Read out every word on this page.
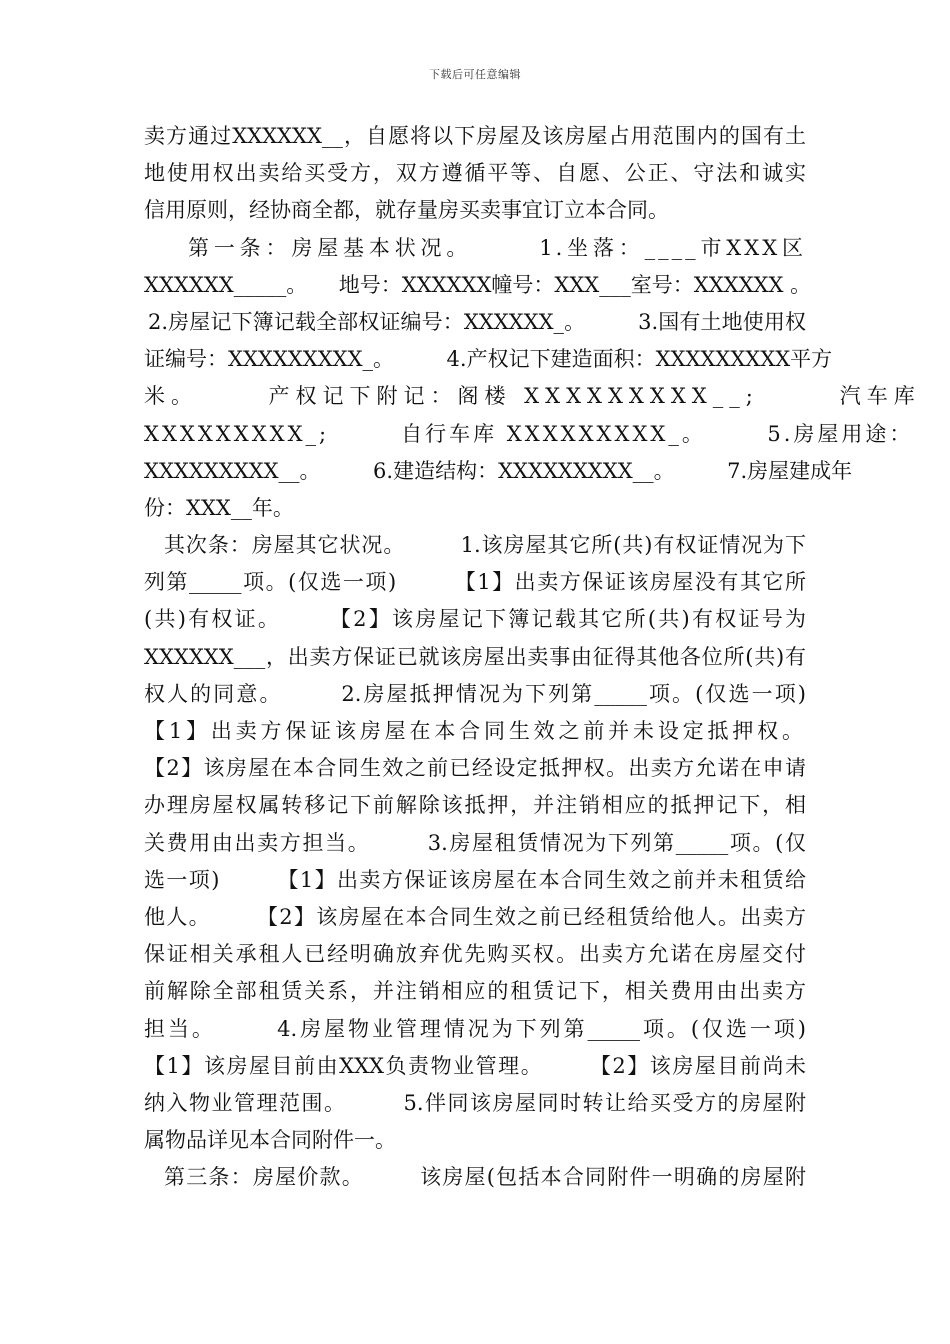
下载后可任意编辑
卖方通过XXXXXX__，自愿将以下房屋及该房屋占用范围内的国有土
地使用权出卖给买受方，双方遵循平等、自愿、公正、守法和诚实
信用原则，经协商全都，就存量房买卖事宜订立本合同。
第一条：房屋基本状况。　　　1.坐落：____市XXX区
XXXXXX_____。　　地号：XXXXXX幢号：XXX___室号：XXXXXX 。
2.房屋记下簿记载全部权证编号：XXXXXX_。　　　3.国有土地使用权
证编号：XXXXXXXXX_。　　　4.产权记下建造面积：XXXXXXXXX平方
米。　　　产权记下附记：阁楼 XXXXXXXXX__;　　　汽车库
XXXXXXXXX_;　　　自行车库 XXXXXXXXX_。　　　5.房屋用途：
XXXXXXXXX__。　　　6.建造结构：XXXXXXXXX__。　　　7.房屋建成年
份：XXX__年。
其次条：房屋其它状况。　　　1.该房屋其它所(共)有权证情况为下
列第_____项。(仅选一项)　　　【1】出卖方保证该房屋没有其它所
(共)有权证。　　　【2】该房屋记下簿记载其它所(共)有权证号为
XXXXXX___，出卖方保证已就该房屋出卖事由征得其他各位所(共)有
权人的同意。　　　2.房屋抵押情况为下列第_____项。(仅选一项)
【1】出卖方保证该房屋在本合同生效之前并未设定抵押权。
【2】该房屋在本合同生效之前已经设定抵押权。出卖方允诺在申请
办理房屋权属转移记下前解除该抵押，并注销相应的抵押记下，相
关费用由出卖方担当。　　　3.房屋租赁情况为下列第_____项。(仅
选一项)　　　【1】出卖方保证该房屋在本合同生效之前并未租赁给
他人。　　　【2】该房屋在本合同生效之前已经租赁给他人。出卖方
保证相关承租人已经明确放弃优先购买权。出卖方允诺在房屋交付
前解除全部租赁关系，并注销相应的租赁记下，相关费用由出卖方
担当。　　　4.房屋物业管理情况为下列第_____项。(仅选一项)
【1】该房屋目前由XXX负责物业管理。　　　【2】该房屋目前尚未
纳入物业管理范围。　　　5.伴同该房屋同时转让给买受方的房屋附
属物品详见本合同附件一。
第三条：房屋价款。　　　该房屋(包括本合同附件一明确的房屋附
